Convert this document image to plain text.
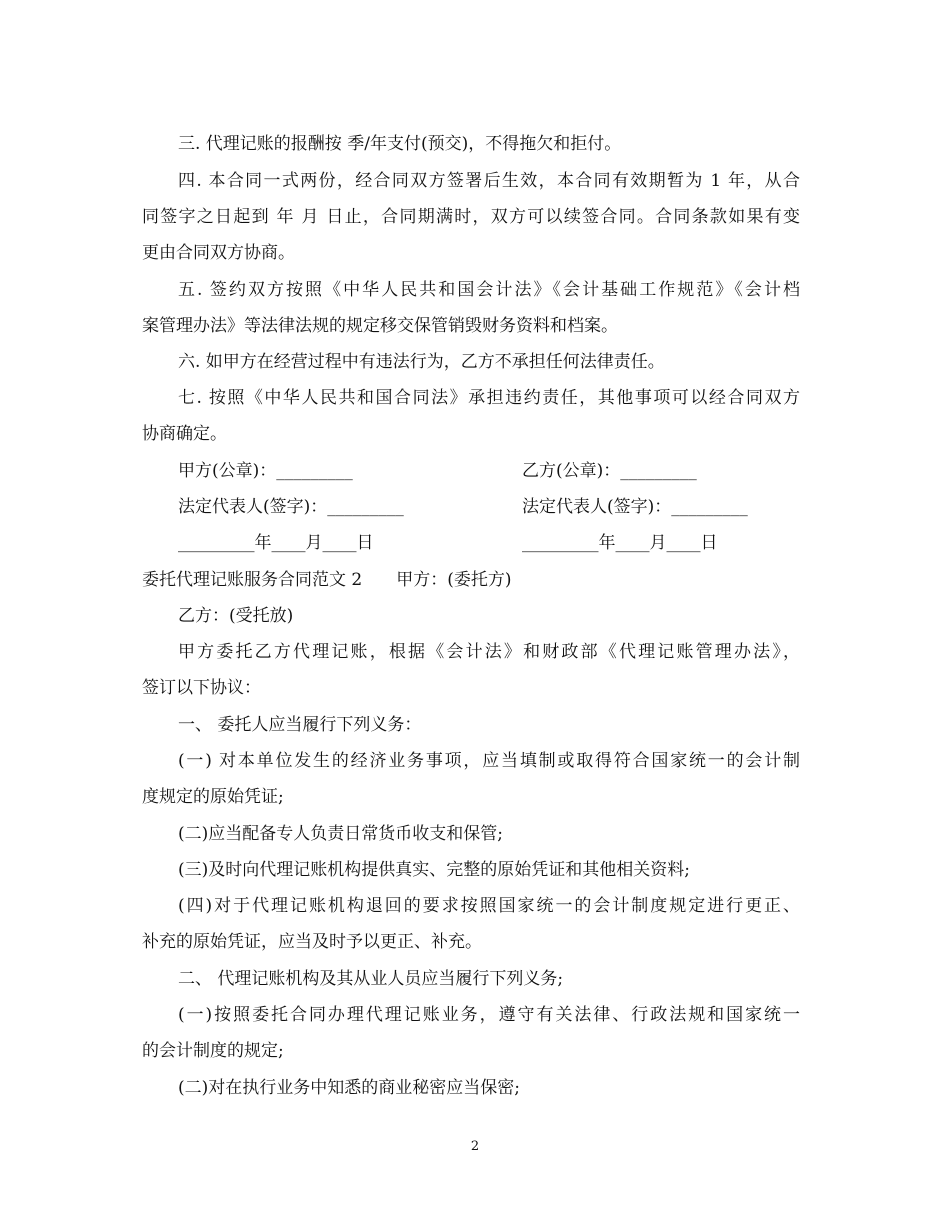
三. 代理记账的报酬按 季/年支付(预交)，不得拖欠和拒付。
四. 本合同一式两份，经合同双方签署后生效，本合同有效期暂为 1 年，从合
同签字之日起到 年 月 日止，合同期满时，双方可以续签合同。合同条款如果有变
更由合同双方协商。
五. 签约双方按照《中华人民共和国会计法》《会计基础工作规范》《会计档
案管理办法》等法律法规的规定移交保管销毁财务资料和档案。
六. 如甲方在经营过程中有违法行为，乙方不承担任何法律责任。
七. 按照《中华人民共和国合同法》承担违约责任，其他事项可以经合同双方
协商确定。
甲方(公章)：_________	乙方(公章)：_________
法定代表人(签字)：_________	法定代表人(签字)：_________
_________年____月____日	_________年____月____日
委托代理记账服务合同范文 2　　甲方：(委托方)
乙方：(受托放)
甲方委托乙方代理记账，根据《会计法》和财政部《代理记账管理办法》，
签订以下协议：
一、 委托人应当履行下列义务：
(一) 对本单位发生的经济业务事项，应当填制或取得符合国家统一的会计制
度规定的原始凭证;
(二)应当配备专人负责日常货币收支和保管;
(三)及时向代理记账机构提供真实、完整的原始凭证和其他相关资料;
(四)对于代理记账机构退回的要求按照国家统一的会计制度规定进行更正、
补充的原始凭证，应当及时予以更正、补充。
二、 代理记账机构及其从业人员应当履行下列义务;
(一)按照委托合同办理代理记账业务，遵守有关法律、行政法规和国家统一
的会计制度的规定;
(二)对在执行业务中知悉的商业秘密应当保密;
2
